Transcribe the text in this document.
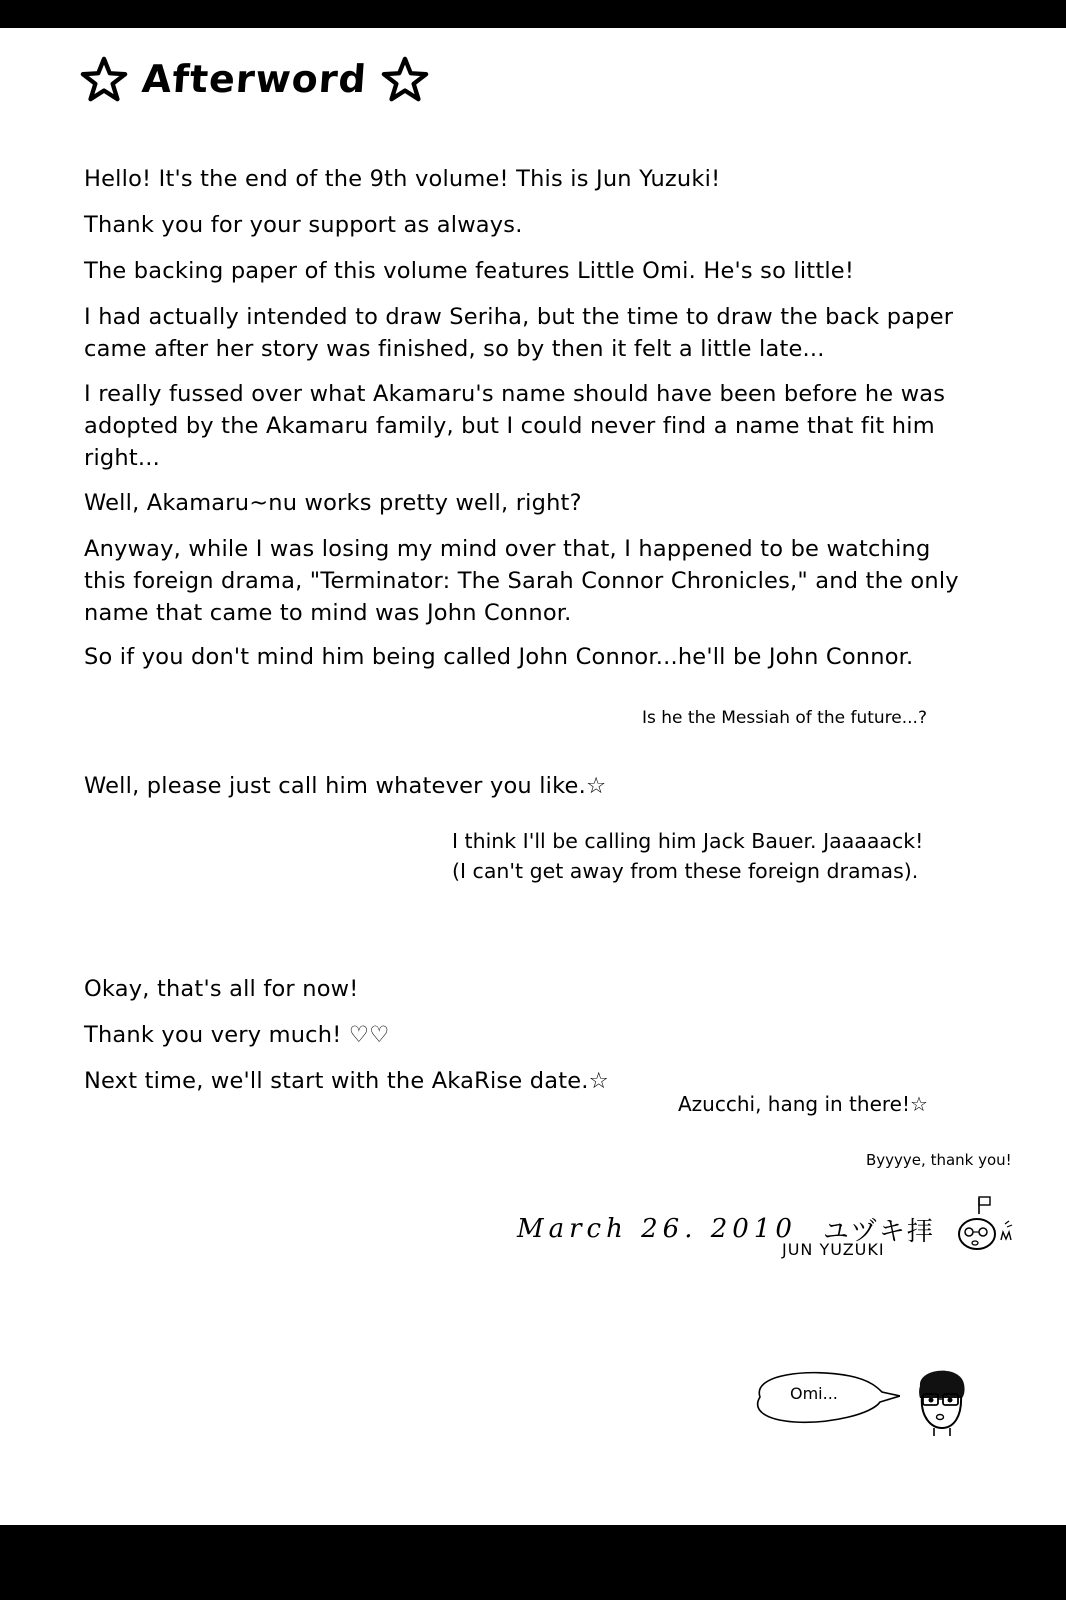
Afterword

Hello! It's the end of the 9th volume! This is Jun Yuzuki!

Thank you for your support as always.

The backing paper of this volume features Little Omi. He's so little!

I had actually intended to draw Seriha, but the time to draw the back paper came after her story was finished, so by then it felt a little late...

I really fussed over what Akamaru's name should have been before he was adopted by the Akamaru family, but I could never find a name that fit him right...

Well, Akamaru~nu works pretty well, right?

Anyway, while I was losing my mind over that, I happened to be watching this foreign drama, "Terminator: The Sarah Connor Chronicles," and the only name that came to mind was John Connor.

So if you don't mind him being called John Connor...he'll be John Connor.

Is he the Messiah of the future...?

Well, please just call him whatever you like.☆

I think I'll be calling him Jack Bauer. Jaaaaack!
(I can't get away from these foreign dramas).

Okay, that's all for now!

Thank you very much! ♡♡

Next time, we'll start with the AkaRise date.☆

Azucchi, hang in there!☆
Byyyye, thank you!
March 26. 2010 ユヅキ拝
JUN YUZUKI
Omi...
